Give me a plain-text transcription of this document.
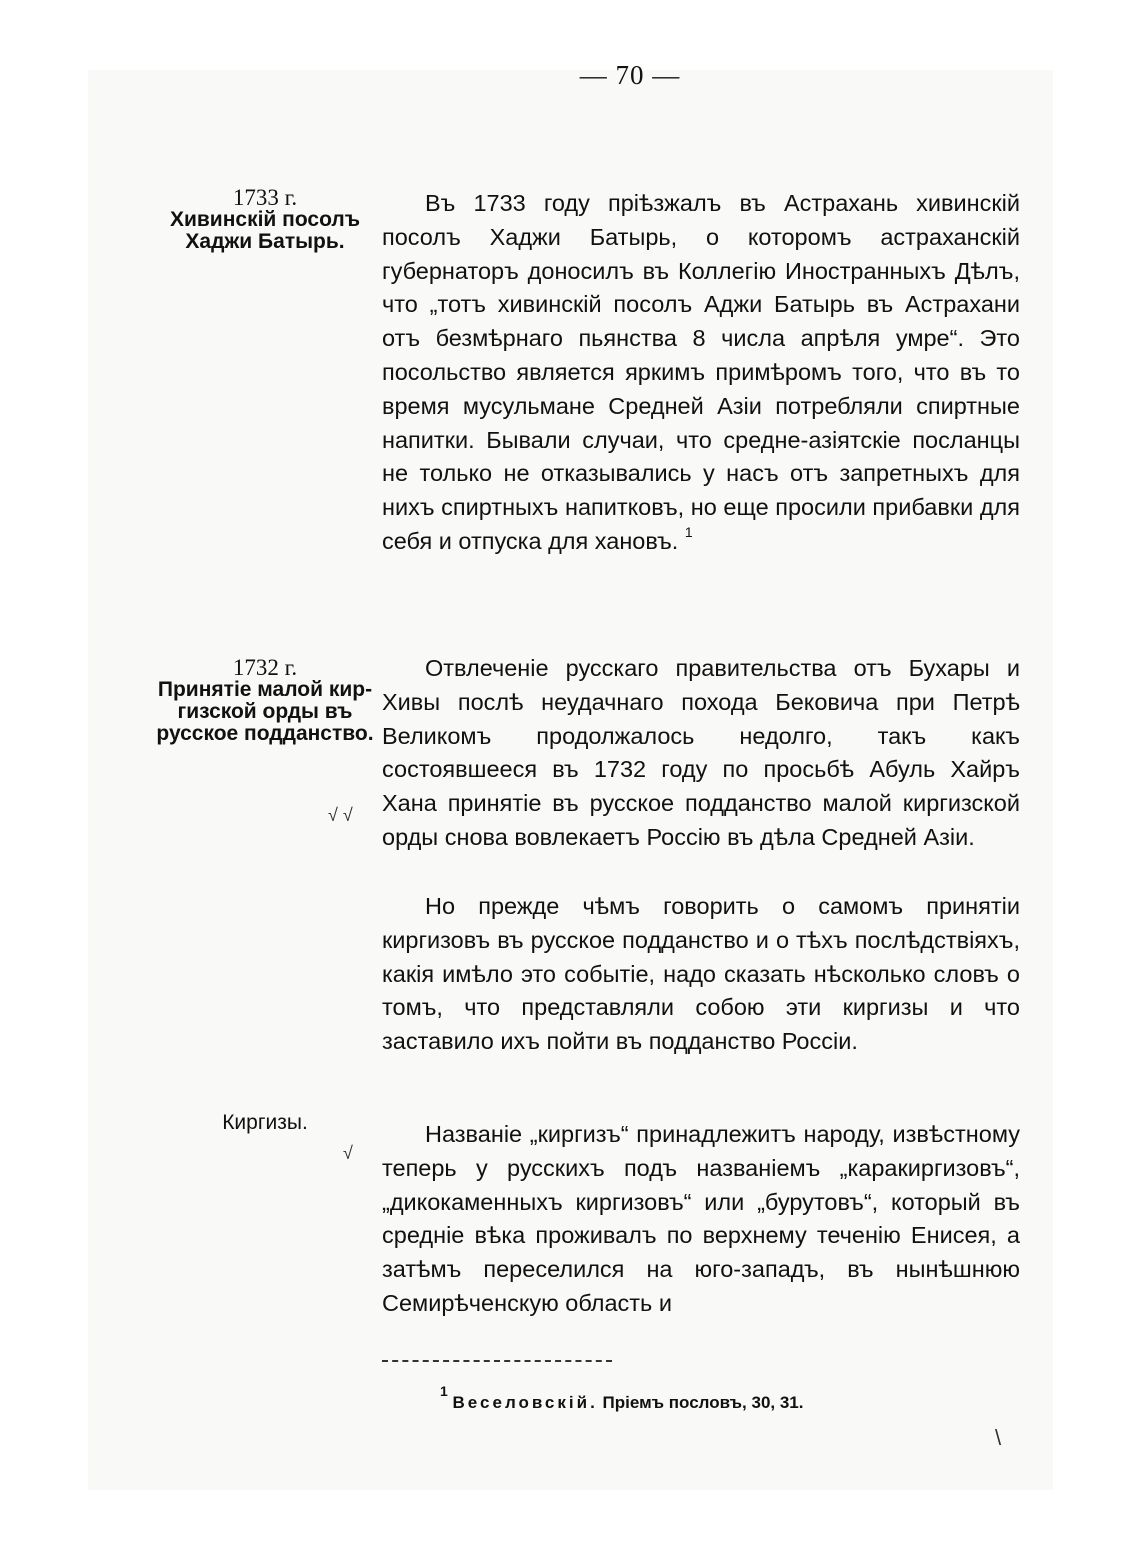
— 70 —
1733 г.
Хивинскій посолъ
Хаджи Батырь.
1732 г.
Принятіе малой кир-
гизской орды въ
русское подданство.
Киргизы.

Въ 1733 году пріѣзжалъ въ Астрахань хивинскій посолъ Хаджи Батырь, о которомъ астраханскій губернаторъ доносилъ въ Коллегію Иностранныхъ Дѣлъ, что „тотъ хивинскій посолъ Аджи Батырь въ Астрахани отъ безмѣрнаго пьянства 8 числа апрѣля умре“. Это посольство является яркимъ примѣромъ того, что въ то время мусульмане Средней Азіи потребляли спиртные напитки. Бывали случаи, что средне-азіятскіе посланцы не только не отказывались у насъ отъ запретныхъ для нихъ спиртныхъ напитковъ, но еще просили прибавки для себя и отпуска для хановъ. $^1$

Отвлеченіе русскаго правительства отъ Бухары и Хивы послѣ неудачнаго похода Бековича при Петрѣ Великомъ продолжалось недолго, такъ какъ состоявшееся въ 1732 году по просьбѣ Абуль Хайръ Хана принятіе въ русское подданство малой киргизской орды снова вовлекаетъ Россію въ дѣла Средней Азіи.

Но прежде чѣмъ говорить о самомъ принятіи киргизовъ въ русское подданство и о тѣхъ послѣдствіяхъ, какія имѣло это событіе, надо сказать нѣсколько словъ о томъ, что представляли собою эти киргизы и что заставило ихъ пойти въ подданство Россіи.

Названіе „киргизъ“ принадлежитъ народу, извѣстному теперь у русскихъ подъ названіемъ „каракиргизовъ“, „дикокаменныхъ киргизовъ“ или „бурутовъ“, который въ средніе вѣка проживалъ по верхнему теченію Енисея, а затѣмъ переселился на юго-западъ, въ нынѣшнюю Семирѣченскую область и

√ √
√
$^1$ Веселовскій. Пріемъ пословъ, 30, 31.
\
